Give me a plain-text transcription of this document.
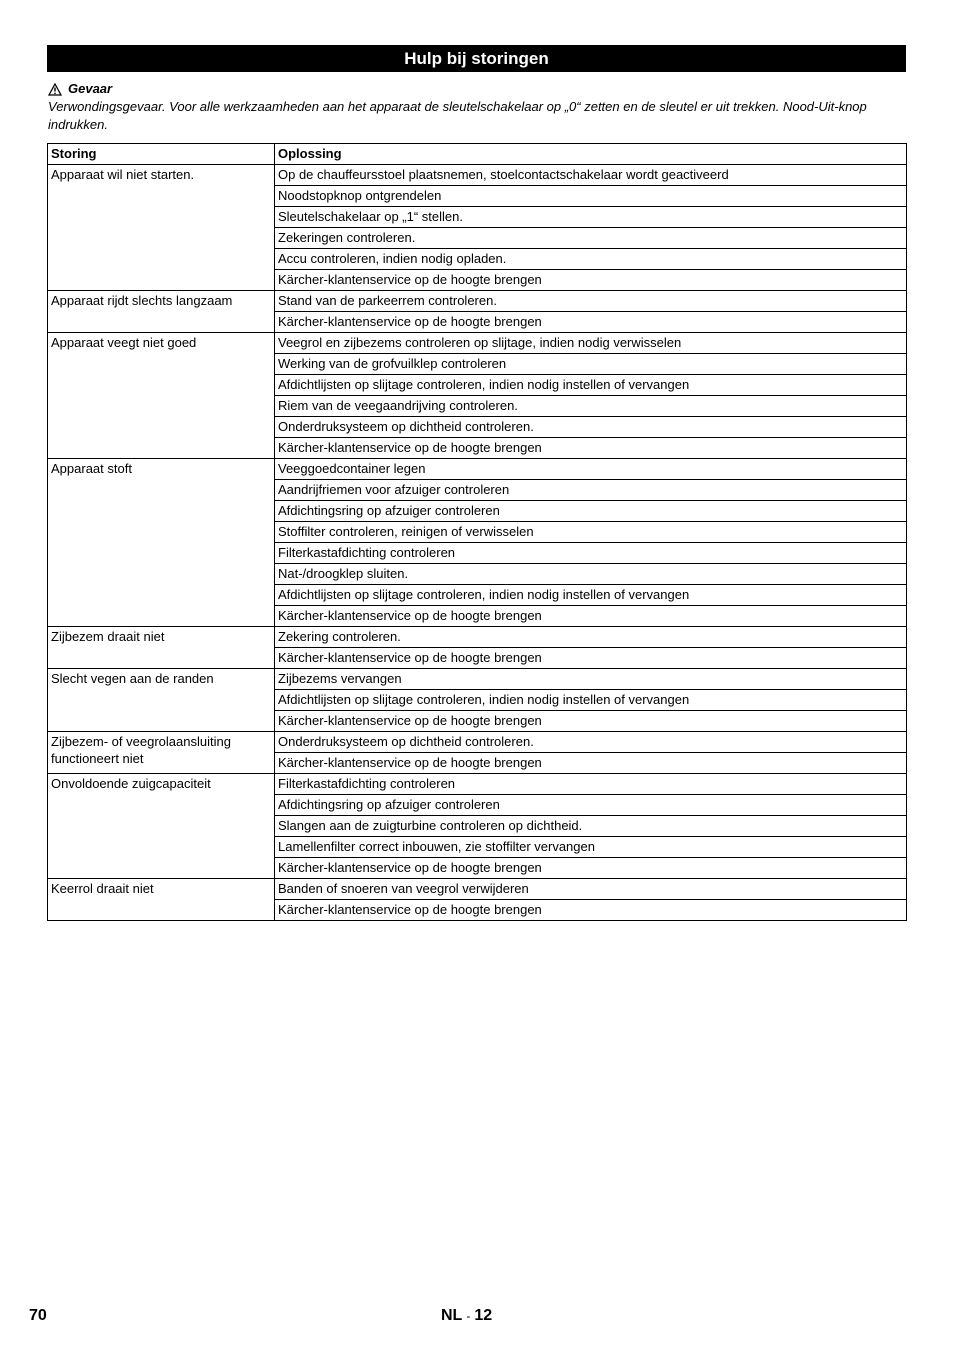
Hulp bij storingen
Gevaar
Verwondingsgevaar. Voor alle werkzaamheden aan het apparaat de sleutelschakelaar op „0“ zetten en de sleutel er uit trekken. Nood-Uit-knop indrukken.
Storing	Oplossing
Apparaat wil niet starten.	Op de chauffeursstoel plaatsnemen, stoelcontactschakelaar wordt geactiveerd
	Noodstopknop ontgrendelen
	Sleutelschakelaar op „1“ stellen.
	Zekeringen controleren.
	Accu controleren, indien nodig opladen.
	Kärcher-klantenservice op de hoogte brengen
Apparaat rijdt slechts langzaam	Stand van de parkeerrem controleren.
	Kärcher-klantenservice op de hoogte brengen
Apparaat veegt niet goed	Veegrol en zijbezems controleren op slijtage, indien nodig verwisselen
	Werking van de grofvuilklep controleren
	Afdichtlijsten op slijtage controleren, indien nodig instellen of vervangen
	Riem van de veegaandrijving controleren.
	Onderdruksysteem op dichtheid controleren.
	Kärcher-klantenservice op de hoogte brengen
Apparaat stoft	Veeggoedcontainer legen
	Aandrijfriemen voor afzuiger controleren
	Afdichtingsring op afzuiger controleren
	Stoffilter controleren, reinigen of verwisselen
	Filterkastafdichting controleren
	Nat-/droogklep sluiten.
	Afdichtlijsten op slijtage controleren, indien nodig instellen of vervangen
	Kärcher-klantenservice op de hoogte brengen
Zijbezem draait niet	Zekering controleren.
	Kärcher-klantenservice op de hoogte brengen
Slecht vegen aan de randen	Zijbezems vervangen
	Afdichtlijsten op slijtage controleren, indien nodig instellen of vervangen
	Kärcher-klantenservice op de hoogte brengen
Zijbezem- of veegrolaansluiting functioneert niet	Onderdruksysteem op dichtheid controleren.
	Kärcher-klantenservice op de hoogte brengen
Onvoldoende zuigcapaciteit	Filterkastafdichting controleren
	Afdichtingsring op afzuiger controleren
	Slangen aan de zuigturbine controleren op dichtheid.
	Lamellenfilter correct inbouwen, zie stoffilter vervangen
	Kärcher-klantenservice op de hoogte brengen
Keerrol draait niet	Banden of snoeren van veegrol verwijderen
	Kärcher-klantenservice op de hoogte brengen
70	NL - 12
